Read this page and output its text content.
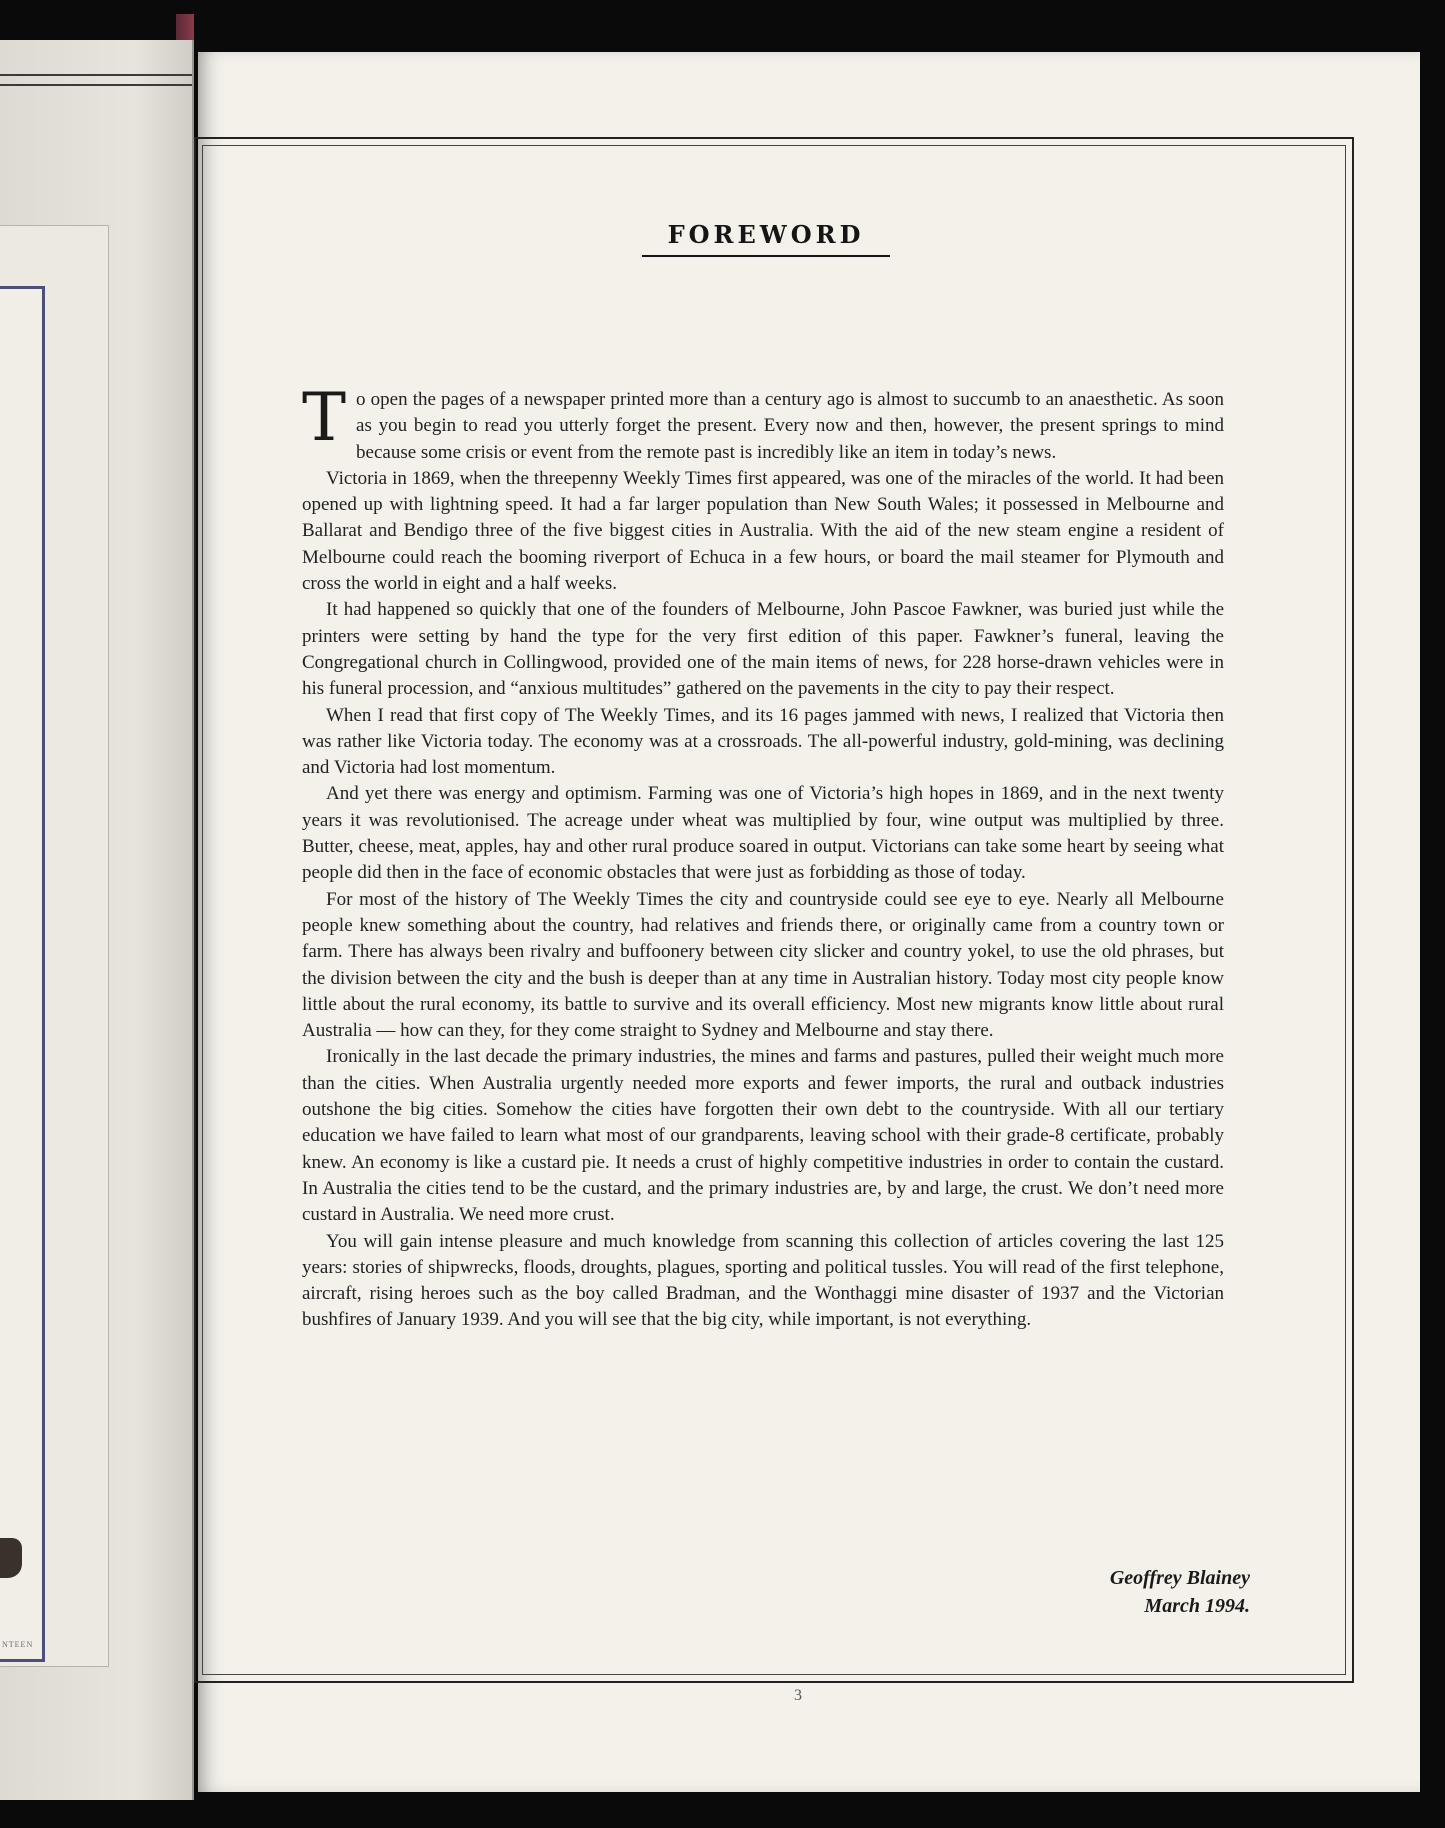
NTEEN
FOREWORD

To open the pages of a newspaper printed more than a century ago is almost to succumb to an anaesthetic. As soon as you begin to read you utterly forget the present. Every now and then, however, the present springs to mind because some crisis or event from the remote past is incredibly like an item in today’s news.

Victoria in 1869, when the threepenny Weekly Times first appeared, was one of the miracles of the world. It had been opened up with lightning speed. It had a far larger population than New South Wales; it possessed in Melbourne and Ballarat and Bendigo three of the five biggest cities in Australia. With the aid of the new steam engine a resident of Melbourne could reach the booming riverport of Echuca in a few hours, or board the mail steamer for Plymouth and cross the world in eight and a half weeks.

It had happened so quickly that one of the founders of Melbourne, John Pascoe Fawkner, was buried just while the printers were setting by hand the type for the very first edition of this paper. Fawkner’s funeral, leaving the Congregational church in Collingwood, provided one of the main items of news, for 228 horse-drawn vehicles were in his funeral procession, and “anxious multitudes” gathered on the pavements in the city to pay their respect.

When I read that first copy of The Weekly Times, and its 16 pages jammed with news, I realized that Victoria then was rather like Victoria today. The economy was at a crossroads. The all-powerful industry, gold-mining, was declining and Victoria had lost momentum.

And yet there was energy and optimism. Farming was one of Victoria’s high hopes in 1869, and in the next twenty years it was revolutionised. The acreage under wheat was multiplied by four, wine output was multiplied by three. Butter, cheese, meat, apples, hay and other rural produce soared in output. Victorians can take some heart by seeing what people did then in the face of economic obstacles that were just as forbidding as those of today.

For most of the history of The Weekly Times the city and countryside could see eye to eye. Nearly all Melbourne people knew something about the country, had relatives and friends there, or originally came from a country town or farm. There has always been rivalry and buffoonery between city slicker and country yokel, to use the old phrases, but the division between the city and the bush is deeper than at any time in Australian history. Today most city people know little about the rural economy, its battle to survive and its overall efficiency. Most new migrants know little about rural Australia — how can they, for they come straight to Sydney and Melbourne and stay there.

Ironically in the last decade the primary industries, the mines and farms and pastures, pulled their weight much more than the cities. When Australia urgently needed more exports and fewer imports, the rural and outback industries outshone the big cities. Somehow the cities have forgotten their own debt to the countryside. With all our tertiary education we have failed to learn what most of our grandparents, leaving school with their grade-8 certificate, probably knew. An economy is like a custard pie. It needs a crust of highly competitive industries in order to contain the custard. In Australia the cities tend to be the custard, and the primary industries are, by and large, the crust. We don’t need more custard in Australia. We need more crust.

You will gain intense pleasure and much knowledge from scanning this collection of articles covering the last 125 years: stories of shipwrecks, floods, droughts, plagues, sporting and political tussles. You will read of the first telephone, aircraft, rising heroes such as the boy called Bradman, and the Wonthaggi mine disaster of 1937 and the Victorian bushfires of January 1939. And you will see that the big city, while important, is not everything.

Geoffrey Blainey
March 1994.
3
